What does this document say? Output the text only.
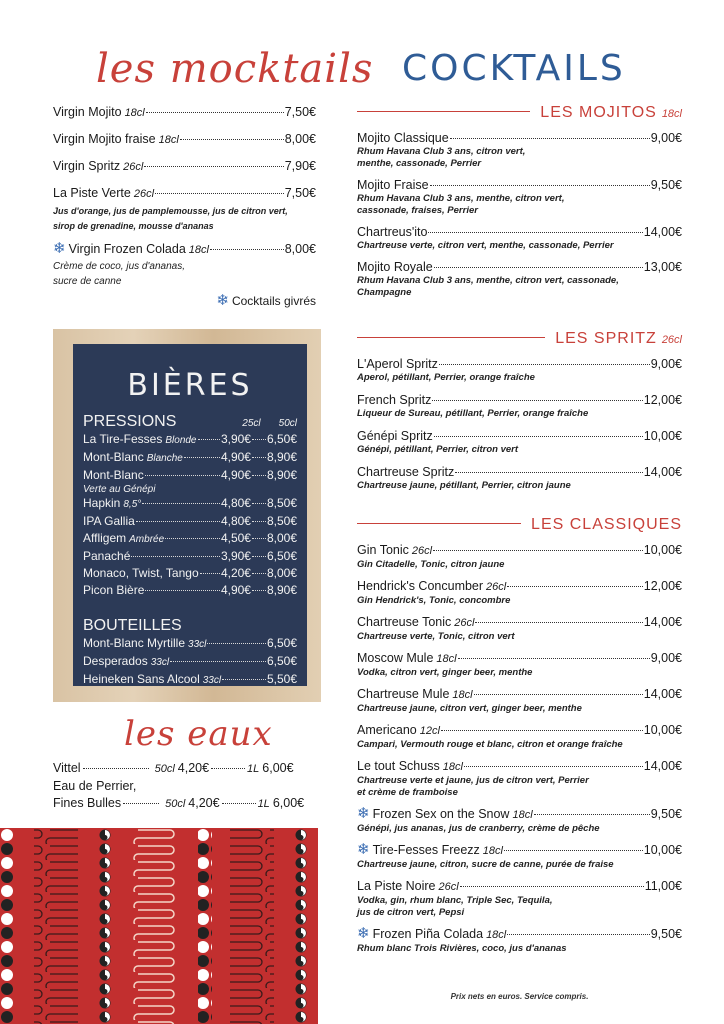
les mocktails
Virgin Mojito 18cl	7,50€
Virgin Mojito fraise 18cl	8,00€
Virgin Spritz 26cl	7,90€
La Piste Verte 26cl	7,50€
Jus d'orange, jus de pamplemousse, jus de citron vert,
sirop de grenadine, mousse d'ananas
❄ Virgin Frozen Colada 18cl	8,00€
Crème de coco, jus d'ananas,
sucre de canne
❄ Cocktails givrés
BIÈRES
PRESSIONS	25cl 50cl
La Tire-Fesses Blonde 3,90€ 6,50€
Mont-Blanc Blanche	4,90€ 8,90€
Mont-Blanc	4,90€ 8,90€
Verte au Génépi
Hapkin 8,5°	4,80€ 8,50€
IPA Gallia	4,80€ 8,50€
Affligem Ambrée	4,50€ 8,00€
Panaché	3,90€ 6,50€
Monaco, Twist, Tango 4,20€ 8,00€
Picon Bière	4,90€ 8,90€
BOUTEILLES
Mont-Blanc Myrtille 33cl	6,50€
Desperados 33cl	6,50€
Heineken Sans Alcool 33cl	5,50€
les eaux
Vittel	50cl 4,20€	1L 6,00€
Eau de Perrier,
Fines Bulles	50cl 4,20€	1L 6,00€
COCKTAILS
LES MOJITOS 18cl
Mojito Classique	9,00€
Rhum Havana Club 3 ans, citron vert,
menthe, cassonade, Perrier
Mojito Fraise	9,50€
Rhum Havana Club 3 ans, menthe, citron vert,
cassonade, fraises, Perrier
Chartreus'ito	14,00€
Chartreuse verte, citron vert, menthe, cassonade, Perrier
Mojito Royale	13,00€
Rhum Havana Club 3 ans, menthe, citron vert, cassonade,
Champagne
LES SPRITZ 26cl
L'Aperol Spritz	9,00€
Aperol, pétillant, Perrier, orange fraîche
French Spritz	12,00€
Liqueur de Sureau, pétillant, Perrier, orange fraîche
Génépi Spritz	10,00€
Génépi, pétillant, Perrier, citron vert
Chartreuse Spritz	14,00€
Chartreuse jaune, pétillant, Perrier, citron jaune
LES CLASSIQUES
Gin Tonic 26cl	10,00€
Gin Citadelle, Tonic, citron jaune
Hendrick's Concumber 26cl	12,00€
Gin Hendrick's, Tonic, concombre
Chartreuse Tonic 26cl	14,00€
Chartreuse verte, Tonic, citron vert
Moscow Mule 18cl	9,00€
Vodka, citron vert, ginger beer, menthe
Chartreuse Mule 18cl	14,00€
Chartreuse jaune, citron vert, ginger beer, menthe
Americano 12cl	10,00€
Campari, Vermouth rouge et blanc, citron et orange fraîche
Le tout Schuss 18cl	14,00€
Chartreuse verte et jaune, jus de citron vert, Perrier
et crème de framboise
❄ Frozen Sex on the Snow 18cl	9,50€
Génépi, jus ananas, jus de cranberry, crème de pêche
❄ Tire-Fesses Freezz 18cl	10,00€
Chartreuse jaune, citron, sucre de canne, purée de fraise
La Piste Noire 26cl	11,00€
Vodka, gin, rhum blanc, Triple Sec, Tequila,
jus de citron vert, Pepsi
❄ Frozen Piña Colada 18cl	9,50€
Rhum blanc Trois Rivières, coco, jus d'ananas
Prix nets en euros. Service compris.
